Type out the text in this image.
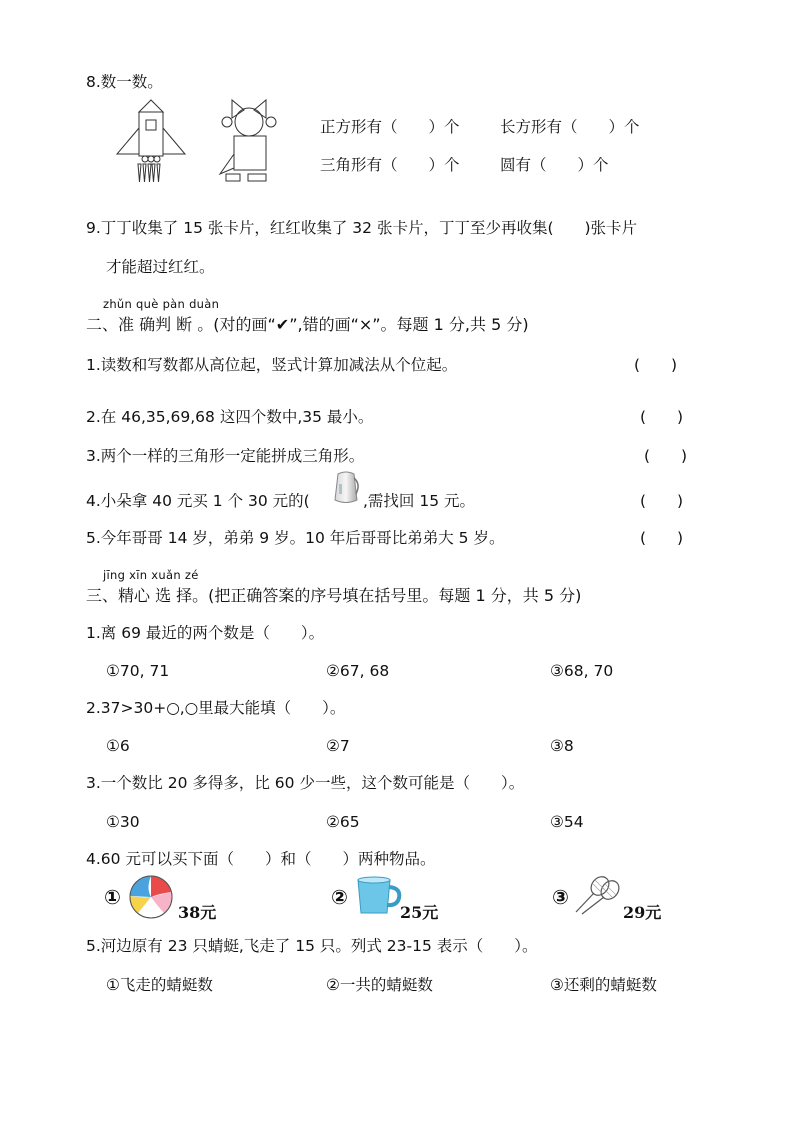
8.数一数。
正方形有（　　）个	长方形有（　　）个
三角形有（　　）个	圆有（　　）个
9.丁丁收集了 15 张卡片，红红收集了 32 张卡片，丁丁至少再收集(　　)张卡片
才能超过红红。
zhǔn què pàn duàn
二、准 确判 断 。(对的画“✔”,错的画“×”。每题 1 分,共 5 分)
1.读数和写数都从高位起，竖式计算加减法从个位起。	(　　)
2.在 46,35,69,68 这四个数中,35 最小。	(　　)
3.两个一样的三角形一定能拼成三角形。	(　　)
4.小朵拿 40 元买 1 个 30 元的(	,需找回 15 元。	(　　)
5.今年哥哥 14 岁，弟弟 9 岁。10 年后哥哥比弟弟大 5 岁。	(　　)
jīng xīn xuǎn zé
三、精心 选 择。(把正确答案的序号填在括号里。每题 1 分，共 5 分)
1.离 69 最近的两个数是（　　）。
①70, 71	②67, 68	③68, 70
2.37>30+○,○里最大能填（　　）。
①6	②7	③8
3.一个数比 20 多得多，比 60 少一些，这个数可能是（　　）。
①30	②65	③54
4.60 元可以买下面（　　）和（　　）两种物品。
①
38元
②
25元
③
29元
5.河边原有 23 只蜻蜓,飞走了 15 只。列式 23-15 表示（　　）。
①飞走的蜻蜓数	②一共的蜻蜓数	③还剩的蜻蜓数
